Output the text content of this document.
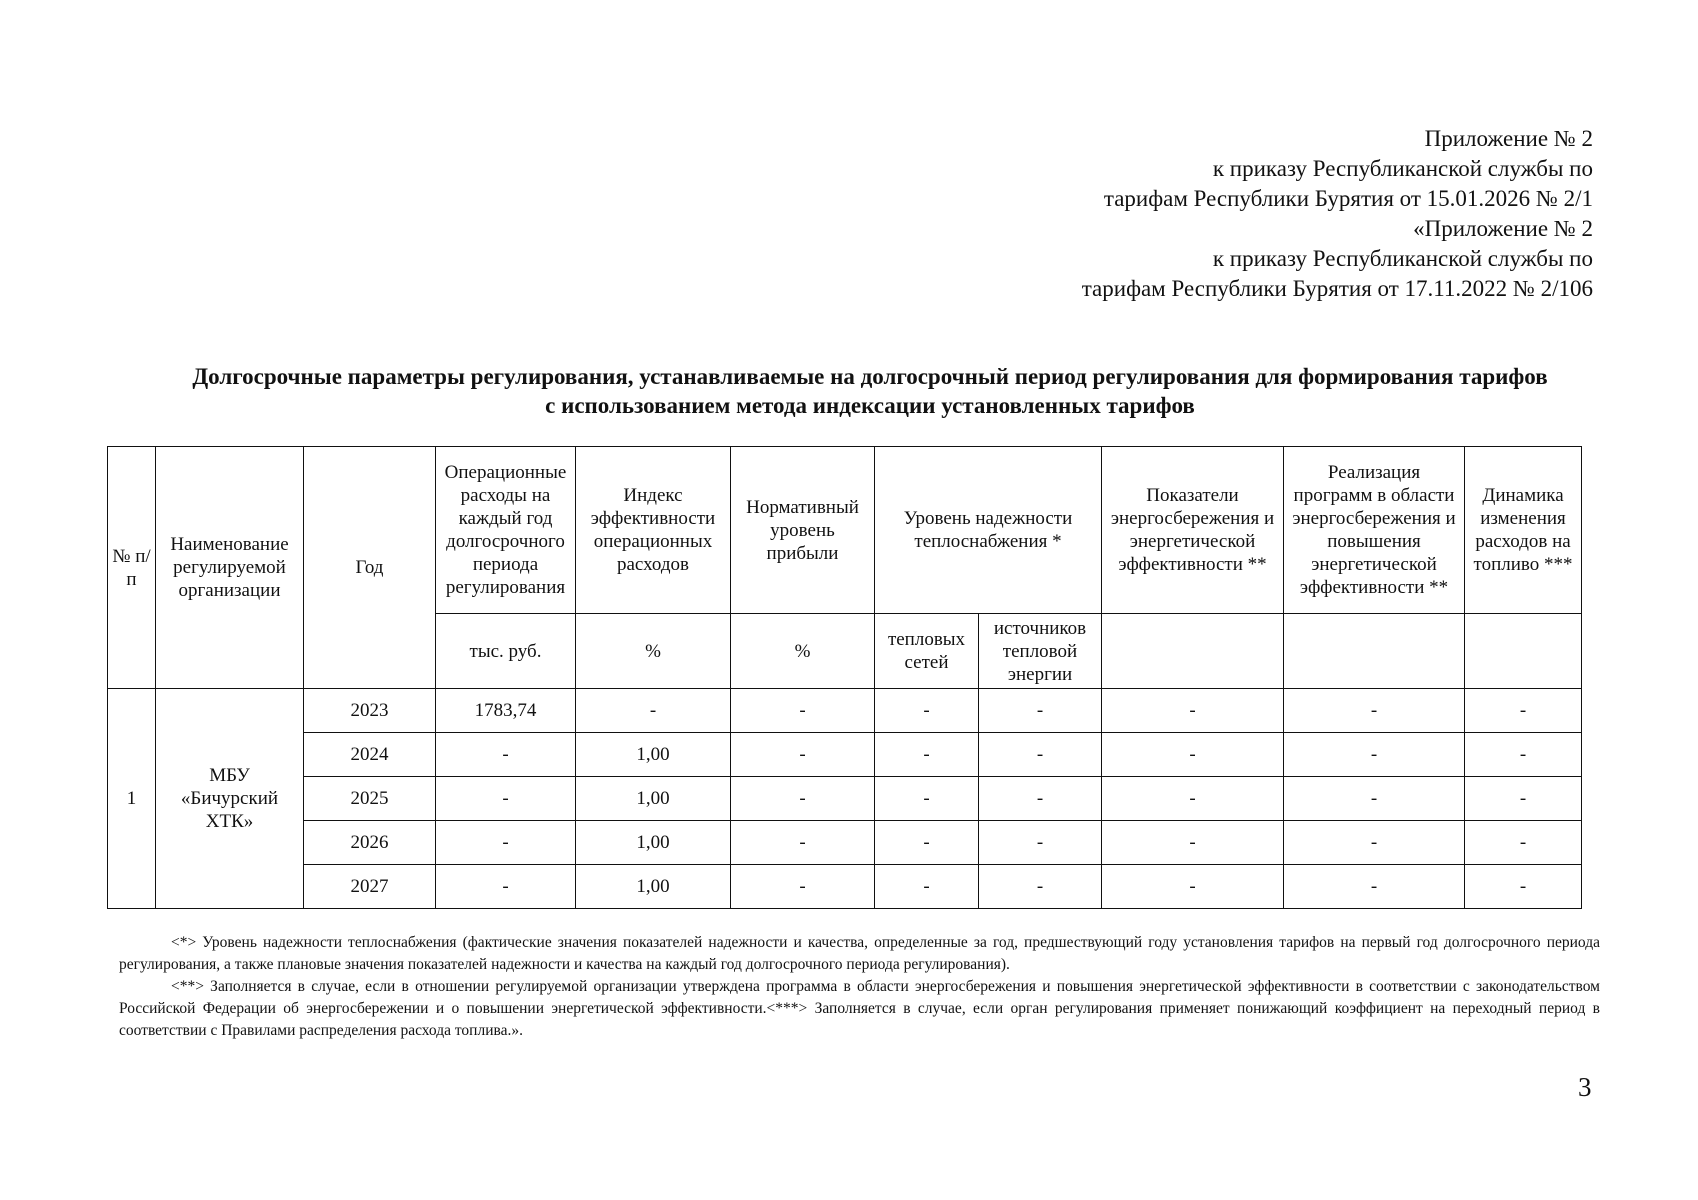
Приложение № 2
к приказу Республиканской службы по
тарифам Республики Бурятия от 15.01.2026 № 2/1
«Приложение № 2
к приказу Республиканской службы по
тарифам Республики Бурятия от 17.11.2022 № 2/106
Долгосрочные параметры регулирования, устанавливаемые на долгосрочный период регулирования для формирования тарифов
с использованием метода индексации установленных тарифов
№ п/п	Наименование регулируемой организации	Год	Операционные расходы на каждый год долгосрочного периода регулирования	Индекс эффективности операционных расходов	Нормативный уровень прибыли	Уровень надежности теплоснабжения *		Показатели энергосбережения и энергетической эффективности **	Реализация программ в области энергосбережения и повышения энергетической эффективности **	Динамика изменения расходов на топливо ***
			тыс. руб.	%	%	тепловых сетей	источников тепловой энергии			
1	МБУ «Бичурский ХТК»	2023	1783,74	-	-	-	-	-	-	-
		2024	-	1,00	-	-	-	-	-	-
		2025	-	1,00	-	-	-	-	-	-
		2026	-	1,00	-	-	-	-	-	-
		2027	-	1,00	-	-	-	-	-	-

<*> Уровень надежности теплоснабжения (фактические значения показателей надежности и качества, определенные за год, предшествующий году установления тарифов на первый год долгосрочного периода регулирования, а также плановые значения показателей надежности и качества на каждый год долгосрочного периода регулирования).

<**> Заполняется в случае, если в отношении регулируемой организации утверждена программа в области энергосбережения и повышения энергетической эффективности в соответствии с законодательством Российской Федерации об энергосбережении и о повышении энергетической эффективности.<***> Заполняется в случае, если орган регулирования применяет понижающий коэффициент на переходный период в соответствии с Правилами распределения расхода топлива.».

3
